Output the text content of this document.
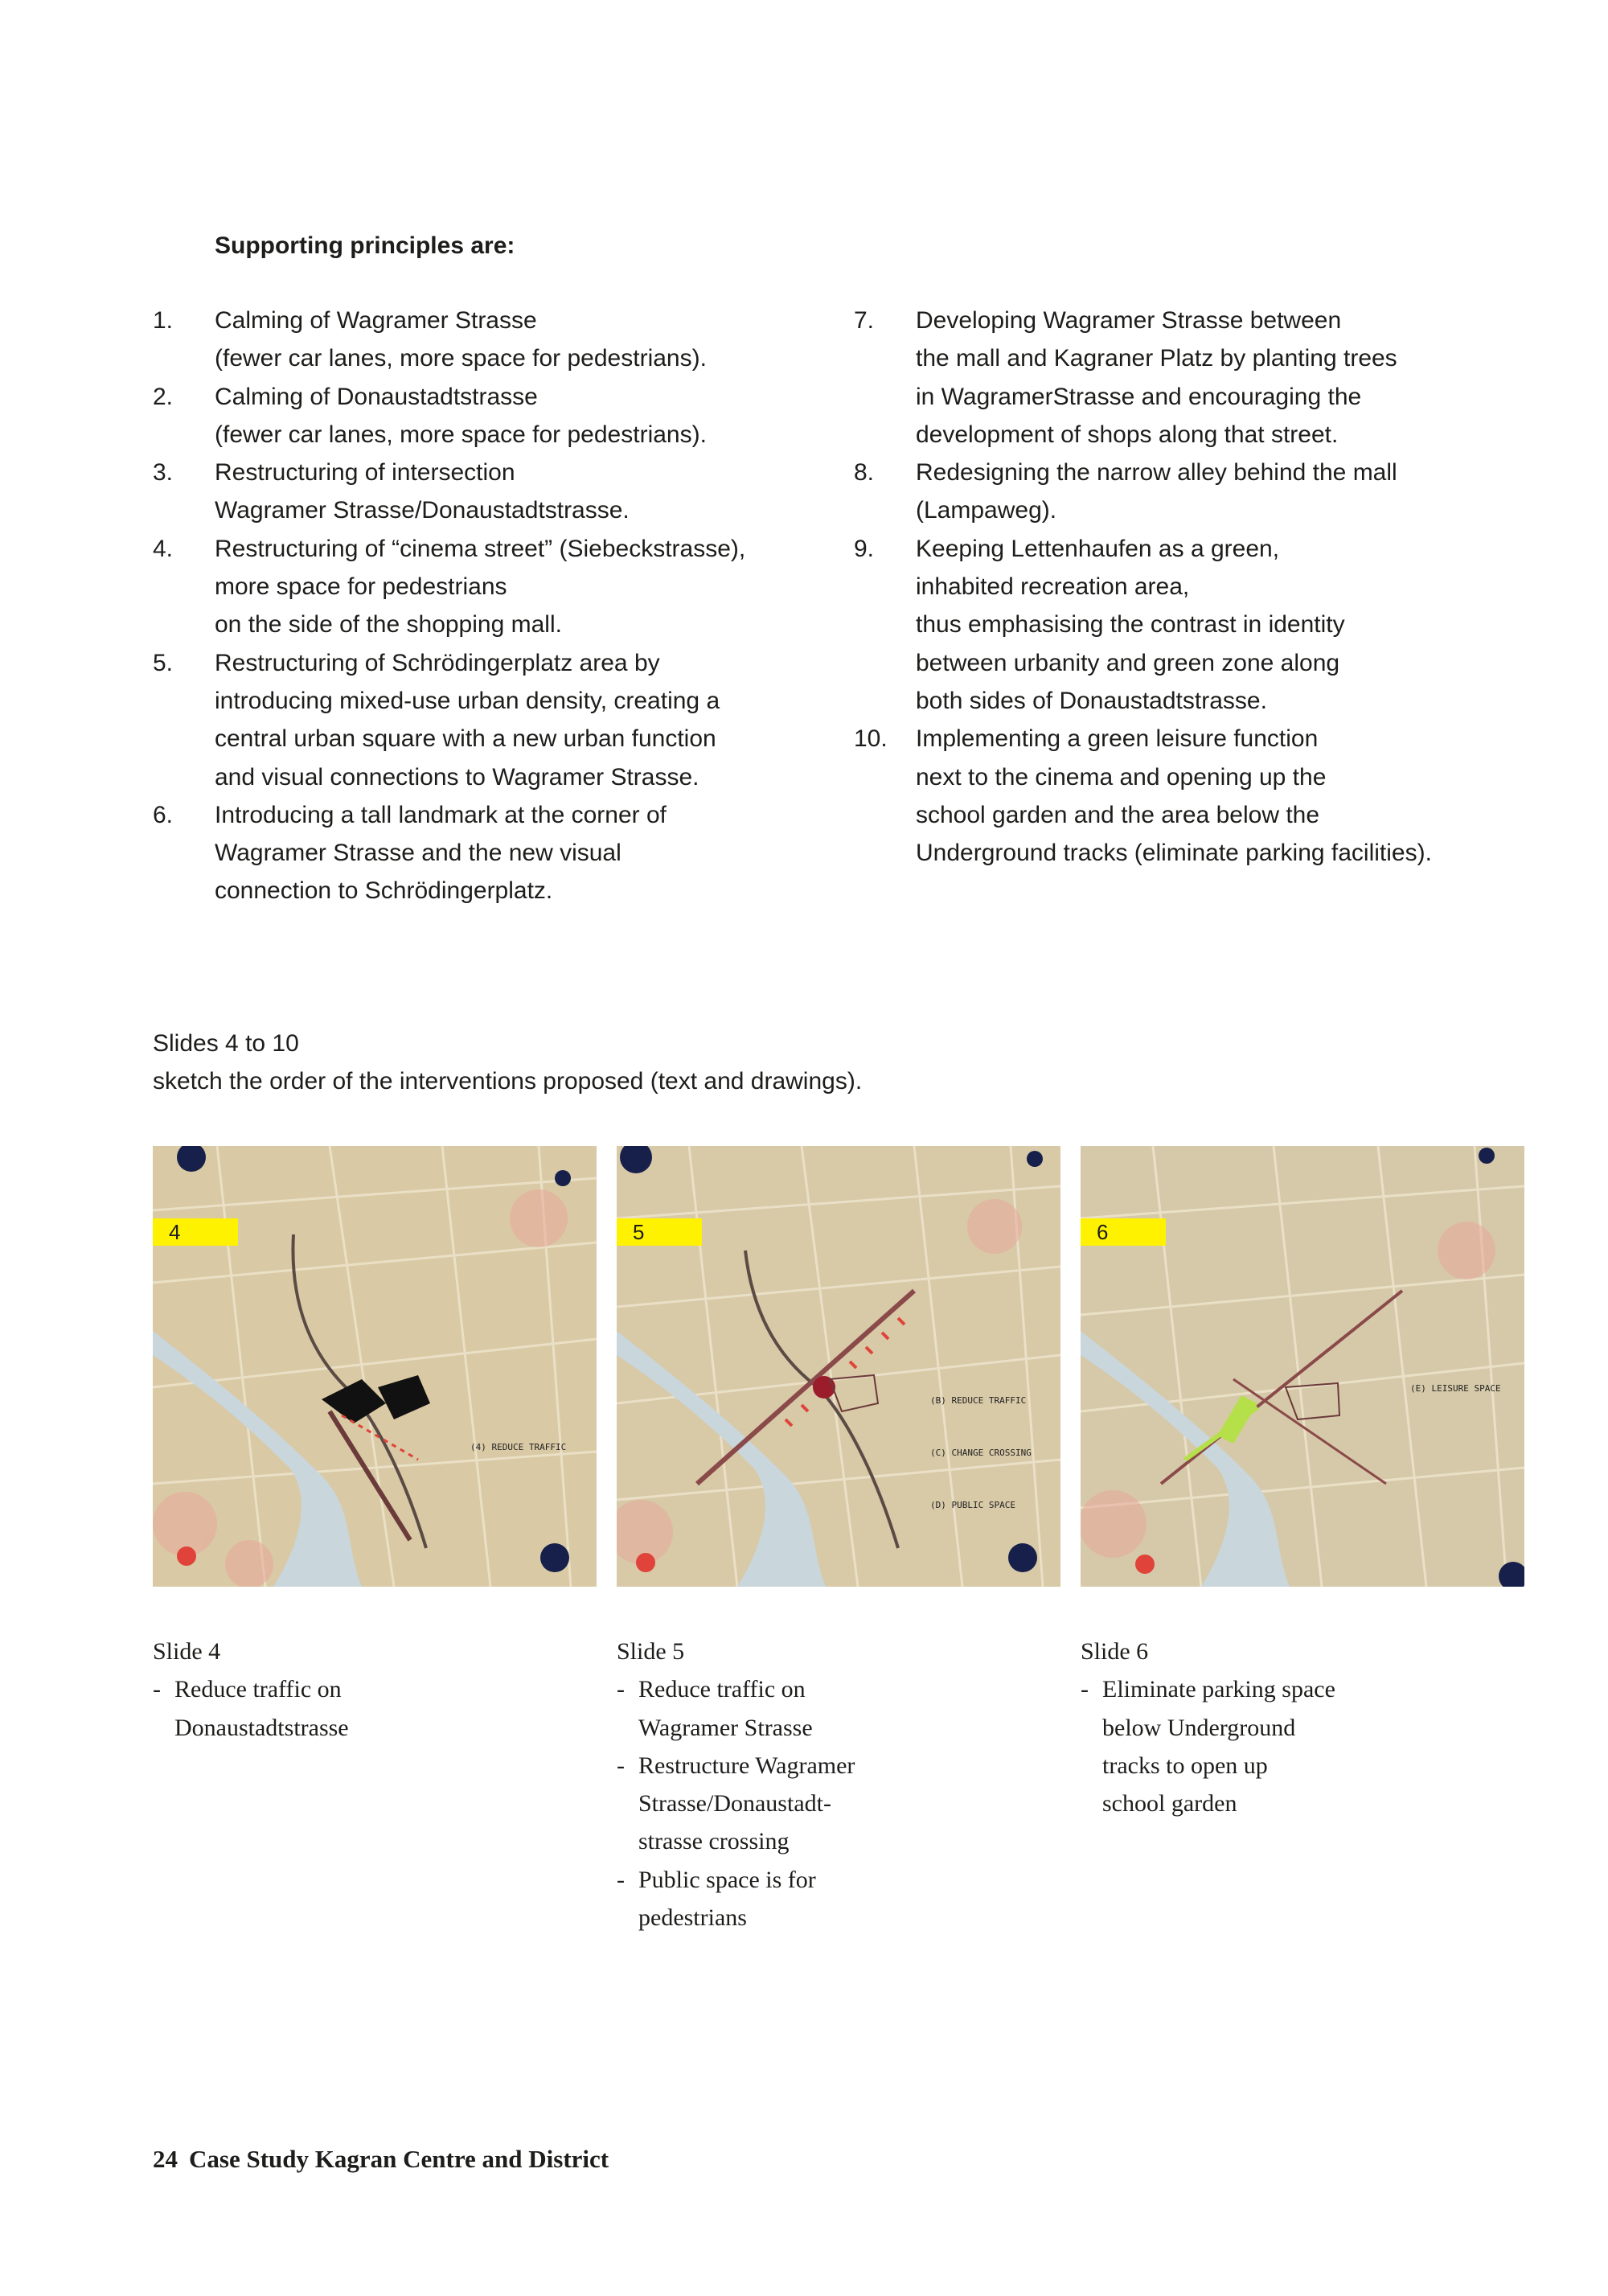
Supporting principles are:
1. Calming of Wagramer Strasse
(fewer car lanes, more space for pedestrians).
2. Calming of Donaustadtstrasse
(fewer car lanes, more space for pedestrians).
3. Restructuring of intersection
Wagramer Strasse/Donaustadtstrasse.
4. Restructuring of “cinema street” (Siebeckstrasse),
more space for pedestrians
on the side of the shopping mall.
5. Restructuring of Schrödingerplatz area by
introducing mixed-use urban density, creating a
central urban square with a new urban function
and visual connections to Wagramer Strasse.
6. Introducing a tall landmark at the corner of
Wagramer Strasse and the new visual
connection to Schrödingerplatz.
7. Developing Wagramer Strasse between
the mall and Kagraner Platz by planting trees
in WagramerStrasse and encouraging the
development of shops along that street.
8. Redesigning the narrow alley behind the mall
(Lampaweg).
9. Keeping Lettenhaufen as a green,
inhabited recreation area,
thus emphasising the contrast in identity
between urbanity and green zone along
both sides of Donaustadtstrasse.
10. Implementing a green leisure function
next to the cinema and opening up the
school garden and the area below the
Underground tracks (eliminate parking facilities).
Slides 4 to 10
sketch the order of the interventions proposed (text and drawings).
(4) REDUCE TRAFFIC
4
(B) REDUCE TRAFFIC
(C) CHANGE CROSSING
(D) PUBLIC SPACE
5
(E) LEISURE SPACE
6
Slide 4
- Reduce traffic on
Donaustadtstrasse
Slide 5
- Reduce traffic on
Wagramer Strasse
- Restructure Wagramer
Strasse/Donaustadt-
strasse crossing
- Public space is for
pedestrians
Slide 6
- Eliminate parking space
below Underground
tracks to open up
school garden
24 Case Study Kagran Centre and District
